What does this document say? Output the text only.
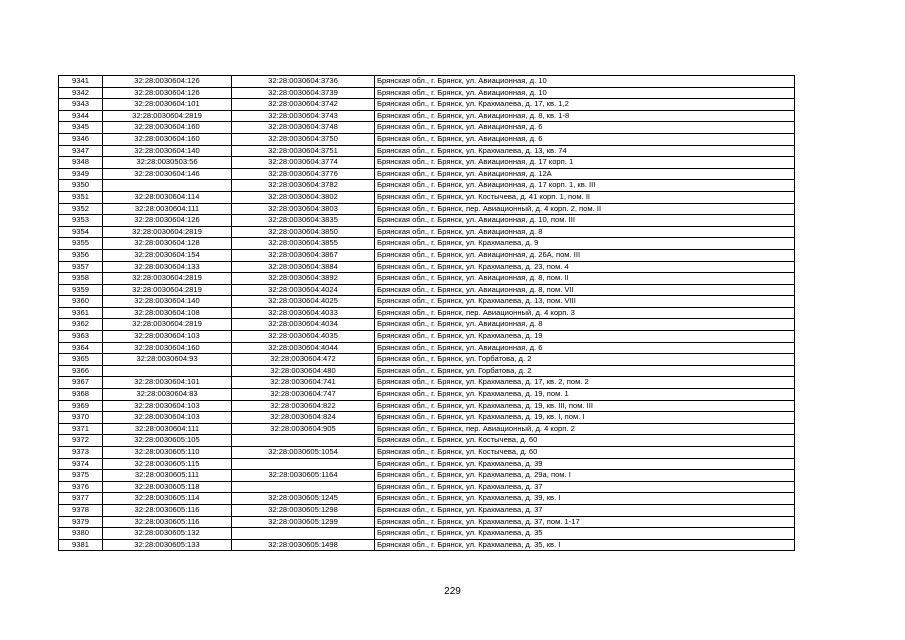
9341	32:28:0030604:126	32:28:0030604:3736	Брянская обл., г. Брянск, ул. Авиационная, д. 10
9342	32:28:0030604:126	32:28:0030604:3739	Брянская обл., г. Брянск, ул. Авиационная, д. 10
9343	32:28:0030604:101	32:28:0030604:3742	Брянская обл., г. Брянск, ул. Крахмалева, д. 17, кв. 1,2
9344	32:28:0030604:2819	32:28:0030604:3743	Брянская обл., г. Брянск, ул. Авиационная, д. 8, кв. 1-8
9345	32:28:0030604:160	32:28:0030604:3748	Брянская обл., г. Брянск, ул. Авиационная, д. 6
9346	32:28:0030604:160	32:28:0030604:3750	Брянская обл., г. Брянск, ул. Авиационная, д. 6
9347	32:28:0030604:140	32:28:0030604:3751	Брянская обл., г. Брянск, ул. Крахмалева, д. 13, кв. 74
9348	32:28:0030503:56	32:28:0030604:3774	Брянская обл., г. Брянск, ул. Авиационная, д. 17 корп. 1
9349	32:28:0030604:146	32:28:0030604:3776	Брянская обл., г. Брянск, ул. Авиационная, д. 12А
9350		32:28:0030604:3782	Брянская обл., г. Брянск, ул. Авиационная, д. 17 корп. 1, кв. III
9351	32:28:0030604:114	32:28:0030604:3802	Брянская обл., г. Брянск, ул. Костычева, д. 41 корп. 1, пом. II
9352	32:28:0030604:111	32:28:0030604:3803	Брянская обл., г. Брянск, пер. Авиационный, д. 4 корп. 2, пом. II
9353	32:28:0030604:126	32:28:0030604:3835	Брянская обл., г. Брянск, ул. Авиационная, д. 10, пом. III
9354	32:28:0030604:2819	32:28:0030604:3850	Брянская обл., г. Брянск, ул. Авиационная, д. 8
9355	32:28:0030604:128	32:28:0030604:3855	Брянская обл., г. Брянск, ул. Крахмалева, д. 9
9356	32:28:0030604:154	32:28:0030604:3867	Брянская обл., г. Брянск, ул. Авиационная, д. 26А, пом. III
9357	32:28:0030604:133	32:28:0030604:3884	Брянская обл., г. Брянск, ул. Крахмалева, д. 23, пом. 4
9358	32:28:0030604:2819	32:28:0030604:3892	Брянская обл., г. Брянск, ул. Авиационная, д. 8, пом. II
9359	32:28:0030604:2819	32:28:0030604:4024	Брянская обл., г. Брянск, ул. Авиационная, д. 8, пом. VII
9360	32:28:0030604:140	32:28:0030604:4025	Брянская обл., г. Брянск, ул. Крахмалева, д. 13, пом. VIII
9361	32:28:0030604:108	32:28:0030604:4033	Брянская обл., г. Брянск, пер. Авиационный, д. 4 корп. 3
9362	32:28:0030604:2819	32:28:0030604:4034	Брянская обл., г. Брянск, ул. Авиационная, д. 8
9363	32:28:0030604:103	32:28:0030604:4035	Брянская обл., г. Брянск, ул. Крахмалева, д. 19
9364	32:28:0030604:160	32:28:0030604:4044	Брянская обл., г. Брянск, ул. Авиационная, д. 6
9365	32:28:0030604:93	32:28:0030604:472	Брянская обл., г. Брянск, ул. Горбатова, д. 2
9366		32:28:0030604:480	Брянская обл., г. Брянск, ул. Горбатова, д. 2
9367	32:28:0030604:101	32:28:0030604:741	Брянская обл., г. Брянск, ул. Крахмалева, д. 17, кв. 2, пом. 2
9368	32:28:0030604:83	32:28:0030604:747	Брянская обл., г. Брянск, ул. Крахмалева, д. 19, пом. 1
9369	32:28:0030604:103	32:28:0030604:822	Брянская обл., г. Брянск, ул. Крахмалева, д. 19, кв. III, пом. III
9370	32:28:0030604:103	32:28:0030604:824	Брянская обл., г. Брянск, ул. Крахмалева, д. 19, кв. I, пом. I
9371	32:28:0030604:111	32:28:0030604:905	Брянская обл., г. Брянск, пер. Авиационный, д. 4 корп. 2
9372	32:28:0030605:105		Брянская обл., г. Брянск, ул. Костычева, д. 60
9373	32:28:0030605:110	32:28:0030605:1054	Брянская обл., г. Брянск, ул. Костычева, д. 60
9374	32:28:0030605:115		Брянская обл., г. Брянск, ул. Крахмалева, д. 39
9375	32:28:0030605:111	32:28:0030605:1164	Брянская обл., г. Брянск, ул. Крахмалева, д. 29а, пом. I
9376	32:28:0030605:118		Брянская обл., г. Брянск, ул. Крахмалева, д. 37
9377	32:28:0030605:114	32:28:0030605:1245	Брянская обл., г. Брянск, ул. Крахмалева, д. 39, кв. I
9378	32:28:0030605:116	32:28:0030605:1298	Брянская обл., г. Брянск, ул. Крахмалева, д. 37
9379	32:28:0030605:116	32:28:0030605:1299	Брянская обл., г. Брянск, ул. Крахмалева, д. 37, пом. 1-17
9380	32:28:0030605:132		Брянская обл., г. Брянск, ул. Крахмалева, д. 35
9381	32:28:0030605:133	32:28:0030605:1498	Брянская обл., г. Брянск, ул. Крахмалева, д. 35, кв. I
229
